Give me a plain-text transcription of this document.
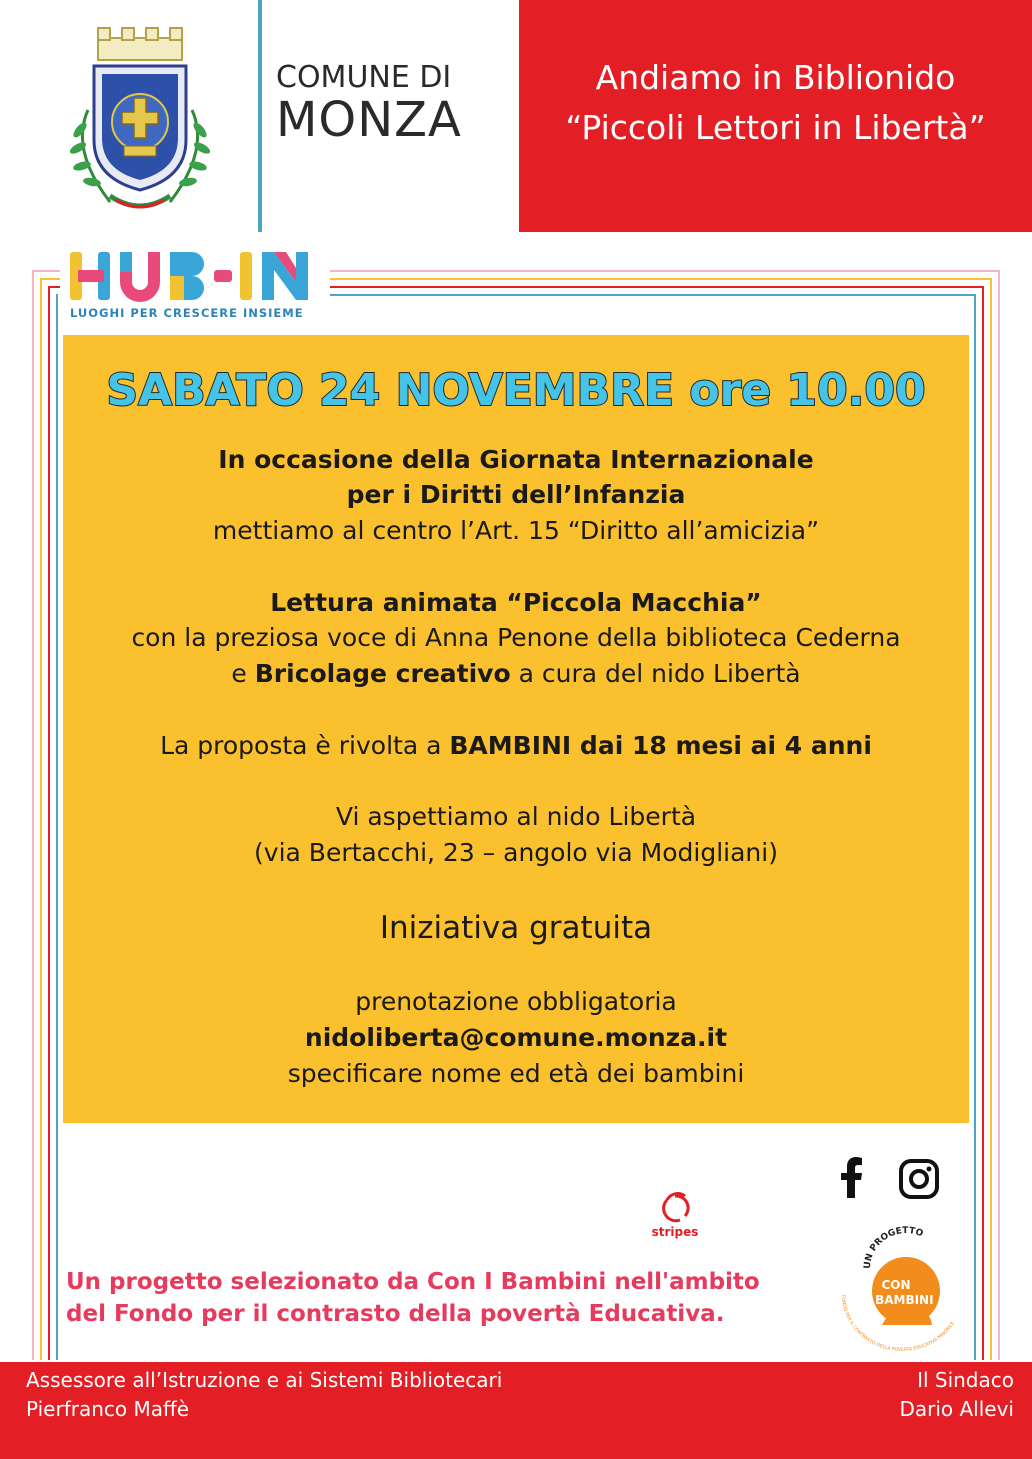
COMUNE DI
MONZA
Andiamo in Biblionido
“Piccoli Lettori in Libertà”
LUOGHI PER CRESCERE INSIEME
SABATO 24 NOVEMBRE ore 10.00
In occasione della Giornata Internazionale
per i Diritti dell’Infanzia
mettiamo al centro l’Art. 15 “Diritto all’amicizia”
Lettura animata “Piccola Macchia”
con la preziosa voce di Anna Penone della biblioteca Cederna
e Bricolage creativo a cura del nido Libertà
La proposta è rivolta a BAMBINI dai 18 mesi ai 4 anni
Vi aspettiamo al nido Libertà
(via Bertacchi, 23 – angolo via Modigliani)
Iniziativa gratuita
prenotazione obbligatoria
nidoliberta@comune.monza.it
specificare nome ed età dei bambini
stripes
Un progetto selezionato da Con I Bambini nell'ambito
del Fondo per il contrasto della povertà Educativa.
UN PROGETTO
CON
I BAMBINI
FONDO PER IL CONTRASTO DELLA POVERTÀ EDUCATIVA MINORILE
Assessore all’Istruzione e ai Sistemi Bibliotecari
Pierfranco Maffè
Il Sindaco
Dario Allevi
